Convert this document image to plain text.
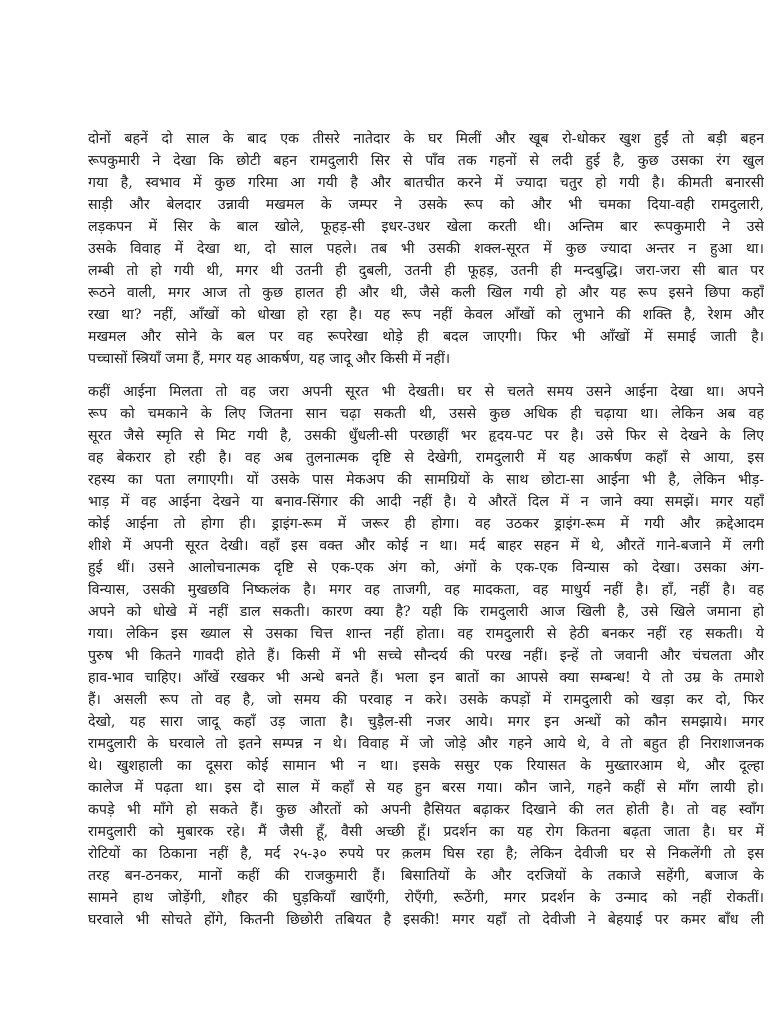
दोनों बहनें दो साल के बाद एक तीसरे नातेदार के घर मिलीं और खूब रो-धोकर खुश हुईं तो बड़ी बहन
रूपकुमारी ने देखा कि छोटी बहन रामदुलारी सिर से पाँव तक गहनों से लदी हुई है, कुछ उसका रंग खुल
गया है, स्वभाव में कुछ गरिमा आ गयी है और बातचीत करने में ज्यादा चतुर हो गयी है। कीमती बनारसी
साड़ी और बेलदार उन्नावी मखमल के जम्पर ने उसके रूप को और भी चमका दिया-वही रामदुलारी,
लड़कपन में सिर के बाल खोले, फूहड़-सी इधर-उधर खेला करती थी। अन्तिम बार रूपकुमारी ने उसे
उसके विवाह में देखा था, दो साल पहले। तब भी उसकी शक्ल-सूरत में कुछ ज्यादा अन्तर न हुआ था।
लम्बी तो हो गयी थी, मगर थी उतनी ही दुबली, उतनी ही फूहड़, उतनी ही मन्दबुद्धि। जरा-जरा सी बात पर
रूठने वाली, मगर आज तो कुछ हालत ही और थी, जैसे कली खिल गयी हो और यह रूप इसने छिपा कहाँ
रखा था? नहीं, आँखों को धोखा हो रहा है। यह रूप नहीं केवल आँखों को लुभाने की शक्ति है, रेशम और
मखमल और सोने के बल पर वह रूपरेखा थोड़े ही बदल जाएगी। फिर भी आँखों में समाई जाती है।
पच्चासों स्त्रियाँ जमा हैं, मगर यह आकर्षण, यह जादू और किसी में नहीं।

कहीं आईना मिलता तो वह जरा अपनी सूरत भी देखती। घर से चलते समय उसने आईना देखा था। अपने
रूप को चमकाने के लिए जितना सान चढ़ा सकती थी, उससे कुछ अधिक ही चढ़ाया था। लेकिन अब वह
सूरत जैसे स्मृति से मिट गयी है, उसकी धुँधली-सी परछाहीं भर हृदय-पट पर है। उसे फिर से देखने के लिए
वह बेकरार हो रही है। वह अब तुलनात्मक दृष्टि से देखेगी, रामदुलारी में यह आकर्षण कहाँ से आया, इस
रहस्य का पता लगाएगी। यों उसके पास मेकअप की सामग्रियों के साथ छोटा-सा आईना भी है, लेकिन भीड़-
भाड़ में वह आईना देखने या बनाव-सिंगार की आदी नहीं है। ये औरतें दिल में न जाने क्या समझें। मगर यहाँ
कोई आईना तो होगा ही। ड्राइंग-रूम में जरूर ही होगा। वह उठकर ड्राइंग-रूम में गयी और क़द्देआदम
शीशे में अपनी सूरत देखी। वहाँ इस वक्त और कोई न था। मर्द बाहर सहन में थे, औरतें गाने-बजाने में लगी
हुई थीं। उसने आलोचनात्मक दृष्टि से एक-एक अंग को, अंगों के एक-एक विन्यास को देखा। उसका अंग-
विन्यास, उसकी मुखछवि निष्कलंक है। मगर वह ताजगी, वह मादकता, वह माधुर्य नहीं है। हाँ, नहीं है। वह
अपने को धोखे में नहीं डाल सकती। कारण क्या है? यही कि रामदुलारी आज खिली है, उसे खिले जमाना हो
गया। लेकिन इस ख्याल से उसका चित्त शान्त नहीं होता। वह रामदुलारी से हेठी बनकर नहीं रह सकती। ये
पुरुष भी कितने गावदी होते हैं। किसी में भी सच्चे सौन्दर्य की परख नहीं। इन्हें तो जवानी और चंचलता और
हाव-भाव चाहिए। आँखें रखकर भी अन्धे बनते हैं। भला इन बातों का आपसे क्या सम्बन्ध! ये तो उम्र के तमाशे
हैं। असली रूप तो वह है, जो समय की परवाह न करे। उसके कपड़ों में रामदुलारी को खड़ा कर दो, फिर
देखो, यह सारा जादू कहाँ उड़ जाता है। चुड़ैल-सी नजर आये। मगर इन अन्धों को कौन समझाये। मगर
रामदुलारी के घरवाले तो इतने सम्पन्न न थे। विवाह में जो जोड़े और गहने आये थे, वे तो बहुत ही निराशाजनक
थे। खुशहाली का दूसरा कोई सामान भी न था। इसके ससुर एक रियासत के मुख्तारआम थे, और दूल्हा
कालेज में पढ़ता था। इस दो साल में कहाँ से यह हुन बरस गया। कौन जाने, गहने कहीं से माँग लायी हो।
कपड़े भी माँगे हो सकते हैं। कुछ औरतों को अपनी हैसियत बढ़ाकर दिखाने की लत होती है। तो वह स्वाँग
रामदुलारी को मुबारक रहे। मैं जैसी हूँ, वैसी अच्छी हूँ। प्रदर्शन का यह रोग कितना बढ़ता जाता है। घर में
रोटियों का ठिकाना नहीं है, मर्द २५-३० रुपये पर क़लम घिस रहा है; लेकिन देवीजी घर से निकलेंगी तो इस
तरह बन-ठनकर, मानों कहीं की राजकुमारी हैं। बिसातियों के और दरजियों के तकाजे सहेंगी, बजाज के
सामने हाथ जोड़ेंगी, शौहर की घुड़कियाँ खाएँगी, रोएँगी, रूठेंगी, मगर प्रदर्शन के उन्माद को नहीं रोकतीं।
घरवाले भी सोचते होंगे, कितनी छिछोरी तबियत है इसकी! मगर यहाँ तो देवीजी ने बेहयाई पर कमर बाँध ली
